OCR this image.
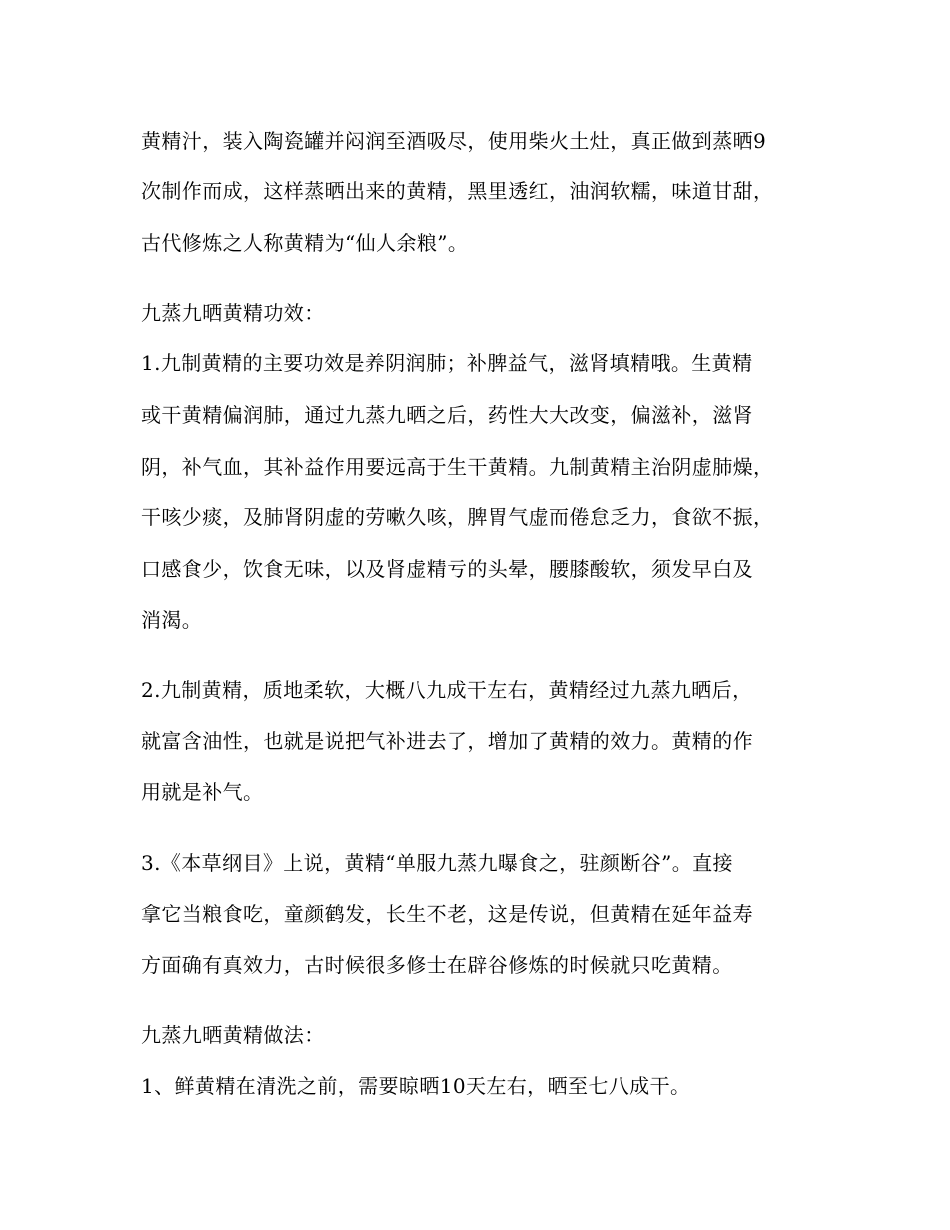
黄精汁，装入陶瓷罐并闷润至酒吸尽，使用柴火土灶，真正做到蒸晒9
次制作而成，这样蒸晒出来的黄精，黑里透红，油润软糯，味道甘甜，
古代修炼之人称黄精为“仙人余粮”。
九蒸九晒黄精功效：
1.九制黄精的主要功效是养阴润肺；补脾益气，滋肾填精哦。生黄精
或干黄精偏润肺，通过九蒸九晒之后，药性大大改变，偏滋补，滋肾
阴，补气血，其补益作用要远高于生干黄精。九制黄精主治阴虚肺燥，
干咳少痰，及肺肾阴虚的劳嗽久咳，脾胃气虚而倦怠乏力，食欲不振，
口感食少，饮食无味，以及肾虚精亏的头晕，腰膝酸软，须发早白及
消渴。
2.九制黄精，质地柔软，大概八九成干左右，黄精经过九蒸九晒后，
就富含油性，也就是说把气补进去了，增加了黄精的效力。黄精的作
用就是补气。
3.《本草纲目》上说，黄精“单服九蒸九曝食之，驻颜断谷”。直接
拿它当粮食吃，童颜鹤发，长生不老，这是传说，但黄精在延年益寿
方面确有真效力，古时候很多修士在辟谷修炼的时候就只吃黄精。
九蒸九晒黄精做法：
1、鲜黄精在清洗之前，需要晾晒10天左右，晒至七八成干。
